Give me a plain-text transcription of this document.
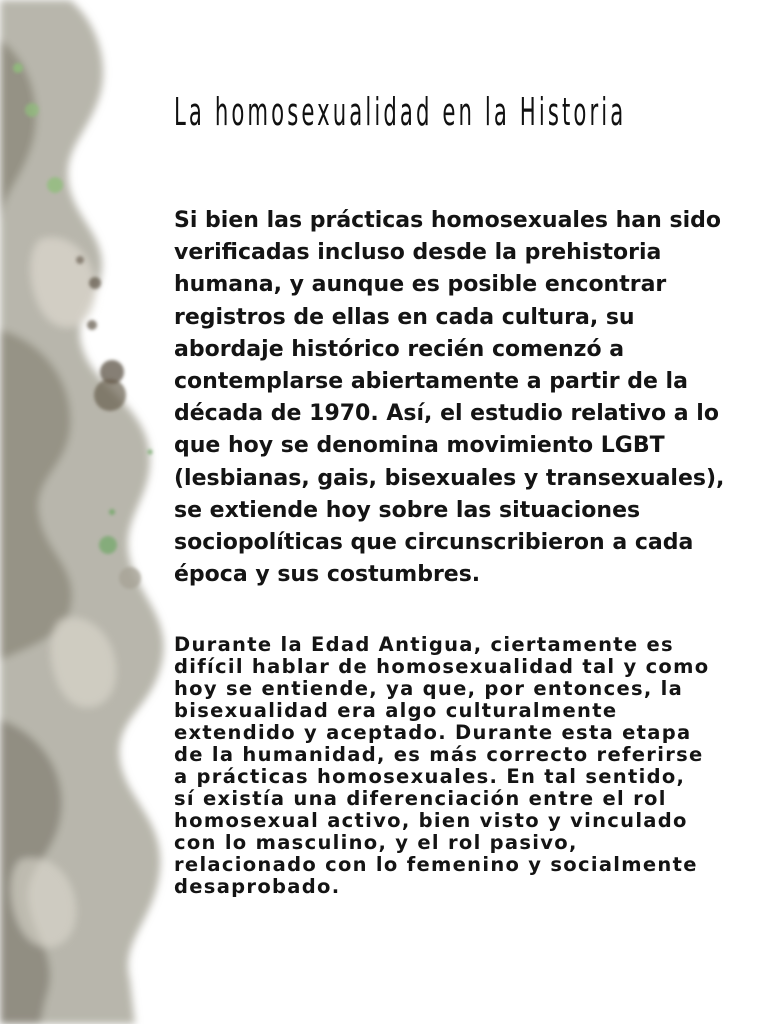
La homosexualidad en la Historia

Si bien las prácticas homosexuales han sido verificadas incluso desde la prehistoria humana, y aunque es posible encontrar registros de ellas en cada cultura, su abordaje histórico recién comenzó a contemplarse abiertamente a partir de la década de 1970. Así, el estudio relativo a lo que hoy se denomina movimiento LGBT (lesbianas, gais, bisexuales y transexuales), se extiende hoy sobre las situaciones sociopolíticas que circunscribieron a cada época y sus costumbres.

Durante la Edad Antigua, ciertamente es difícil hablar de homosexualidad tal y como hoy se entiende, ya que, por entonces, la bisexualidad era algo culturalmente extendido y aceptado. Durante esta etapa de la humanidad, es más correcto referirse a prácticas homosexuales. En tal sentido, sí existía una diferenciación entre el rol homosexual activo, bien visto y vinculado con lo masculino, y el rol pasivo, relacionado con lo femenino y socialmente desaprobado.
